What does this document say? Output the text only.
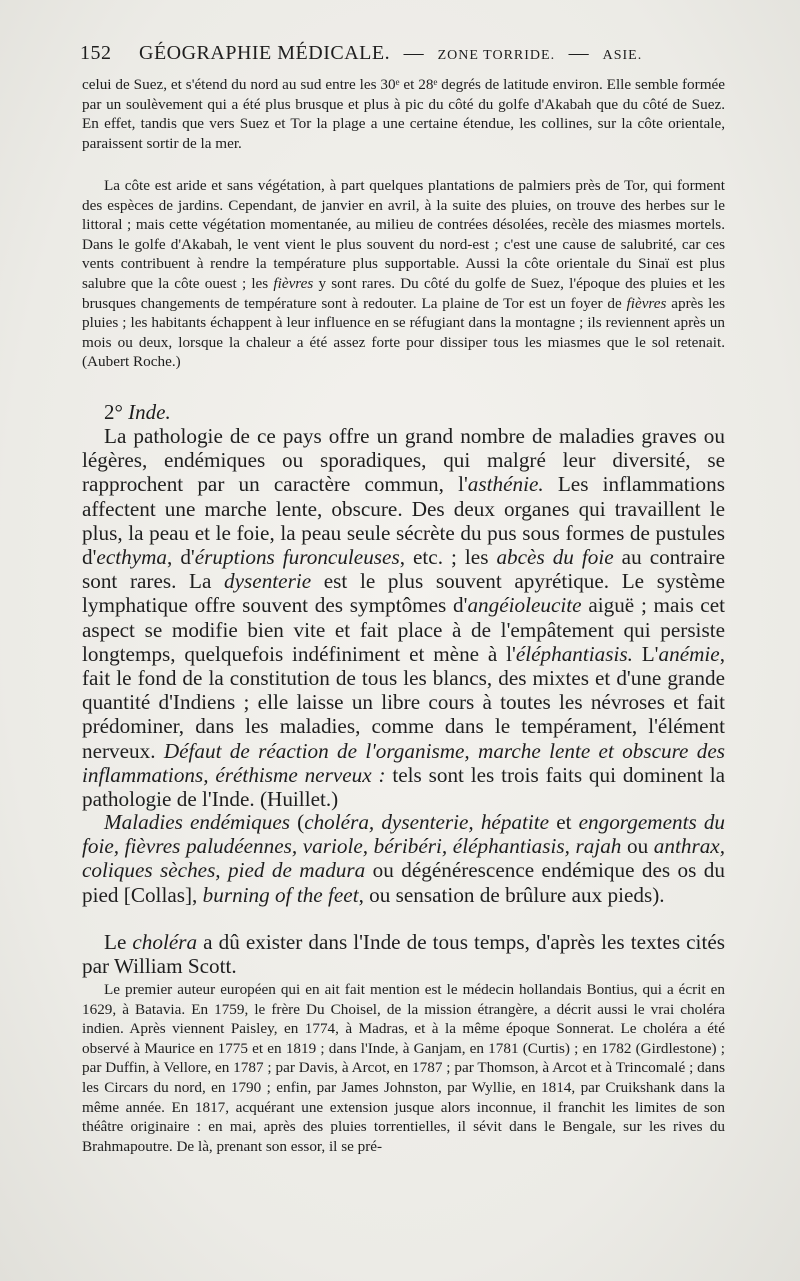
152 GÉOGRAPHIE MÉDICALE. — ZONE TORRIDE. — ASIE.

celui de Suez, et s'étend du nord au sud entre les 30ᵉ et 28ᵉ degrés de latitude environ. Elle semble formée par un soulèvement qui a été plus brusque et plus à pic du côté du golfe d'Akabah que du côté de Suez. En effet, tandis que vers Suez et Tor la plage a une certaine étendue, les collines, sur la côte orientale, paraissent sortir de la mer.

La côte est aride et sans végétation, à part quelques plantations de palmiers près de Tor, qui forment des espèces de jardins. Cependant, de janvier en avril, à la suite des pluies, on trouve des herbes sur le littoral ; mais cette végétation momentanée, au milieu de contrées désolées, recèle des miasmes mortels. Dans le golfe d'Akabah, le vent vient le plus souvent du nord-est ; c'est une cause de salubrité, car ces vents contribuent à rendre la température plus supportable. Aussi la côte orientale du Sinaï est plus salubre que la côte ouest ; les fièvres y sont rares. Du côté du golfe de Suez, l'époque des pluies et les brusques changements de température sont à redouter. La plaine de Tor est un foyer de fièvres après les pluies ; les habitants échappent à leur influence en se réfugiant dans la montagne ; ils reviennent après un mois ou deux, lorsque la chaleur a été assez forte pour dissiper tous les miasmes que le sol retenait. (Aubert Roche.)

2° Inde.

La pathologie de ce pays offre un grand nombre de maladies graves ou légères, endémiques ou sporadiques, qui malgré leur diversité, se rapprochent par un caractère commun, l'asthénie. Les inflammations affectent une marche lente, obscure. Des deux organes qui travaillent le plus, la peau et le foie, la peau seule sécrète du pus sous formes de pustules d'ecthyma, d'éruptions furonculeuses, etc. ; les abcès du foie au contraire sont rares. La dysenterie est le plus souvent apyrétique. Le système lymphatique offre souvent des symptômes d'angéioleucite aiguë ; mais cet aspect se modifie bien vite et fait place à de l'empâtement qui persiste longtemps, quelquefois indéfiniment et mène à l'éléphantiasis. L'anémie, fait le fond de la constitution de tous les blancs, des mixtes et d'une grande quantité d'Indiens ; elle laisse un libre cours à toutes les névroses et fait prédominer, dans les maladies, comme dans le tempérament, l'élément nerveux. Défaut de réaction de l'organisme, marche lente et obscure des inflammations, éréthisme nerveux : tels sont les trois faits qui dominent la pathologie de l'Inde. (Huillet.)

Maladies endémiques (choléra, dysenterie, hépatite et engorgements du foie, fièvres paludéennes, variole, béribéri, éléphantiasis, rajah ou anthrax, coliques sèches, pied de madura ou dégénérescence endémique des os du pied [Collas], burning of the feet, ou sensation de brûlure aux pieds).

Le choléra a dû exister dans l'Inde de tous temps, d'après les textes cités par William Scott.

Le premier auteur européen qui en ait fait mention est le médecin hollandais Bontius, qui a écrit en 1629, à Batavia. En 1759, le frère Du Choisel, de la mission étrangère, a décrit aussi le vrai choléra indien. Après viennent Paisley, en 1774, à Madras, et à la même époque Sonnerat. Le choléra a été observé à Maurice en 1775 et en 1819 ; dans l'Inde, à Ganjam, en 1781 (Curtis) ; en 1782 (Girdlestone) ; par Duffin, à Vellore, en 1787 ; par Davis, à Arcot, en 1787 ; par Thomson, à Arcot et à Trincomalé ; dans les Circars du nord, en 1790 ; enfin, par James Johnston, par Wyllie, en 1814, par Cruikshank dans la même année. En 1817, acquérant une extension jusque alors inconnue, il franchit les limites de son théâtre originaire : en mai, après des pluies torrentielles, il sévit dans le Bengale, sur les rives du Brahmapoutre. De là, prenant son essor, il se pré-
